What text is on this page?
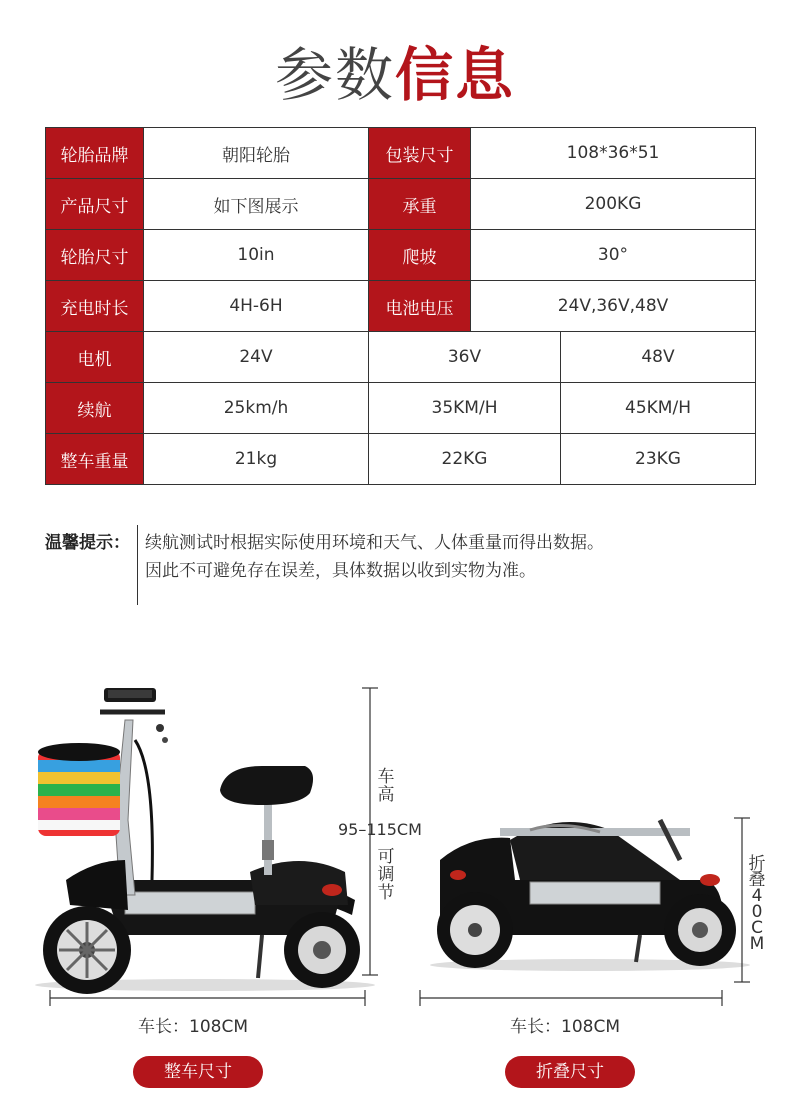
参数信息
轮胎品牌	朝阳轮胎	包装尺寸	108*36*51	
产品尺寸	如下图展示	承重	200KG	
轮胎尺寸	10in	爬坡	30°	
充电时长	4H-6H	电池电压	24V,36V,48V	
电机	24V	36V		48V
续航	25km/h	35KM/H		45KM/H
整车重量	21kg	22KG		23KG
温馨提示： 续航测试时根据实际使用环境和天气、人体重量而得出数据。
因此不可避免存在误差，具体数据以收到实物为准。
车
高
95–115CM
可
调
节
折
叠
4
0
C
M
车长：108CM	车长：108CM
整车尺寸	折叠尺寸
